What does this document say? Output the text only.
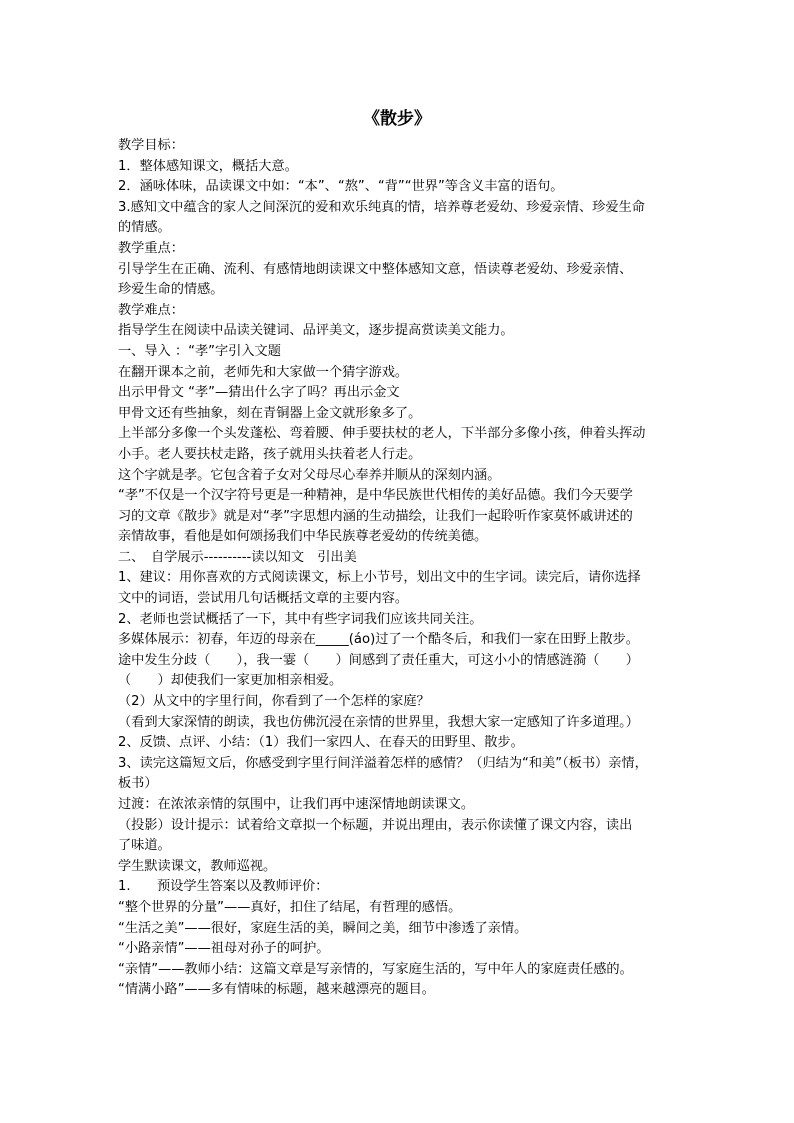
《散步》

教学目标：

1．整体感知课文，概括大意。

2．涵咏体味，品读课文中如：“本”、“熬”、“背”“世界”等含义丰富的语句。

3.感知文中蕴含的家人之间深沉的爱和欢乐纯真的情，培养尊老爱幼、珍爱亲情、珍爱生命

的情感。

教学重点：

引导学生在正确、流利、有感情地朗读课文中整体感知文意，悟读尊老爱幼、珍爱亲情、

珍爱生命的情感。

教学难点：

指导学生在阅读中品读关键词、品评美文，逐步提高赏读美文能力。

一、导入 ：“孝”字引入文题

在翻开课本之前，老师先和大家做一个猜字游戏。

出示甲骨文 “孝”—猜出什么字了吗？再出示金文

甲骨文还有些抽象，刻在青铜器上金文就形象多了。

上半部分多像一个头发蓬松、弯着腰、伸手要扶杖的老人，下半部分多像小孩，伸着头挥动

小手。老人要扶杖走路，孩子就用头扶着老人行走。

这个字就是孝。它包含着子女对父母尽心奉养并顺从的深刻内涵。

“孝”不仅是一个汉字符号更是一种精神，是中华民族世代相传的美好品德。我们今天要学

习的文章《散步》就是对“孝”字思想内涵的生动描绘，让我们一起聆听作家莫怀戚讲述的

亲情故事，看他是如何颂扬我们中华民族尊老爱幼的传统美德。

二、　自学展示----------读以知文　引出美

1、建议：用你喜欢的方式阅读课文，标上小节号，划出文中的生字词。读完后，请你选择

文中的词语，尝试用几句话概括文章的主要内容。

2、老师也尝试概括了一下，其中有些字词我们应该共同关注。

多媒体展示：初春，年迈的母亲在_____(áo)过了一个酷冬后，和我们一家在田野上散步。

途中发生分歧（　　），我一霎（　　）间感到了责任重大，可这小小的情感涟漪（　　）

（　　）却使我们一家更加相亲相爱。

（2）从文中的字里行间，你看到了一个怎样的家庭？

（看到大家深情的朗读，我也仿佛沉浸在亲情的世界里，我想大家一定感知了许多道理。）

2、反馈、点评、小结：（1）我们一家四人、在春天的田野里、散步。

3、读完这篇短文后，你感受到字里行间洋溢着怎样的感情？（归结为“和美”（板书）亲情，

板书）

过渡：在浓浓亲情的氛围中，让我们再中速深情地朗读课文。

（投影）设计提示：试着给文章拟一个标题，并说出理由，表示你读懂了课文内容，读出

了味道。

学生默读课文，教师巡视。

1.　　预设学生答案以及教师评价：

“整个世界的分量”——真好，扣住了结尾，有哲理的感悟。

“生活之美”——很好，家庭生活的美，瞬间之美，细节中渗透了亲情。

“小路亲情”——祖母对孙子的呵护。

“亲情”——教师小结：这篇文章是写亲情的，写家庭生活的，写中年人的家庭责任感的。

“情满小路”——多有情味的标题，越来越漂亮的题目。
